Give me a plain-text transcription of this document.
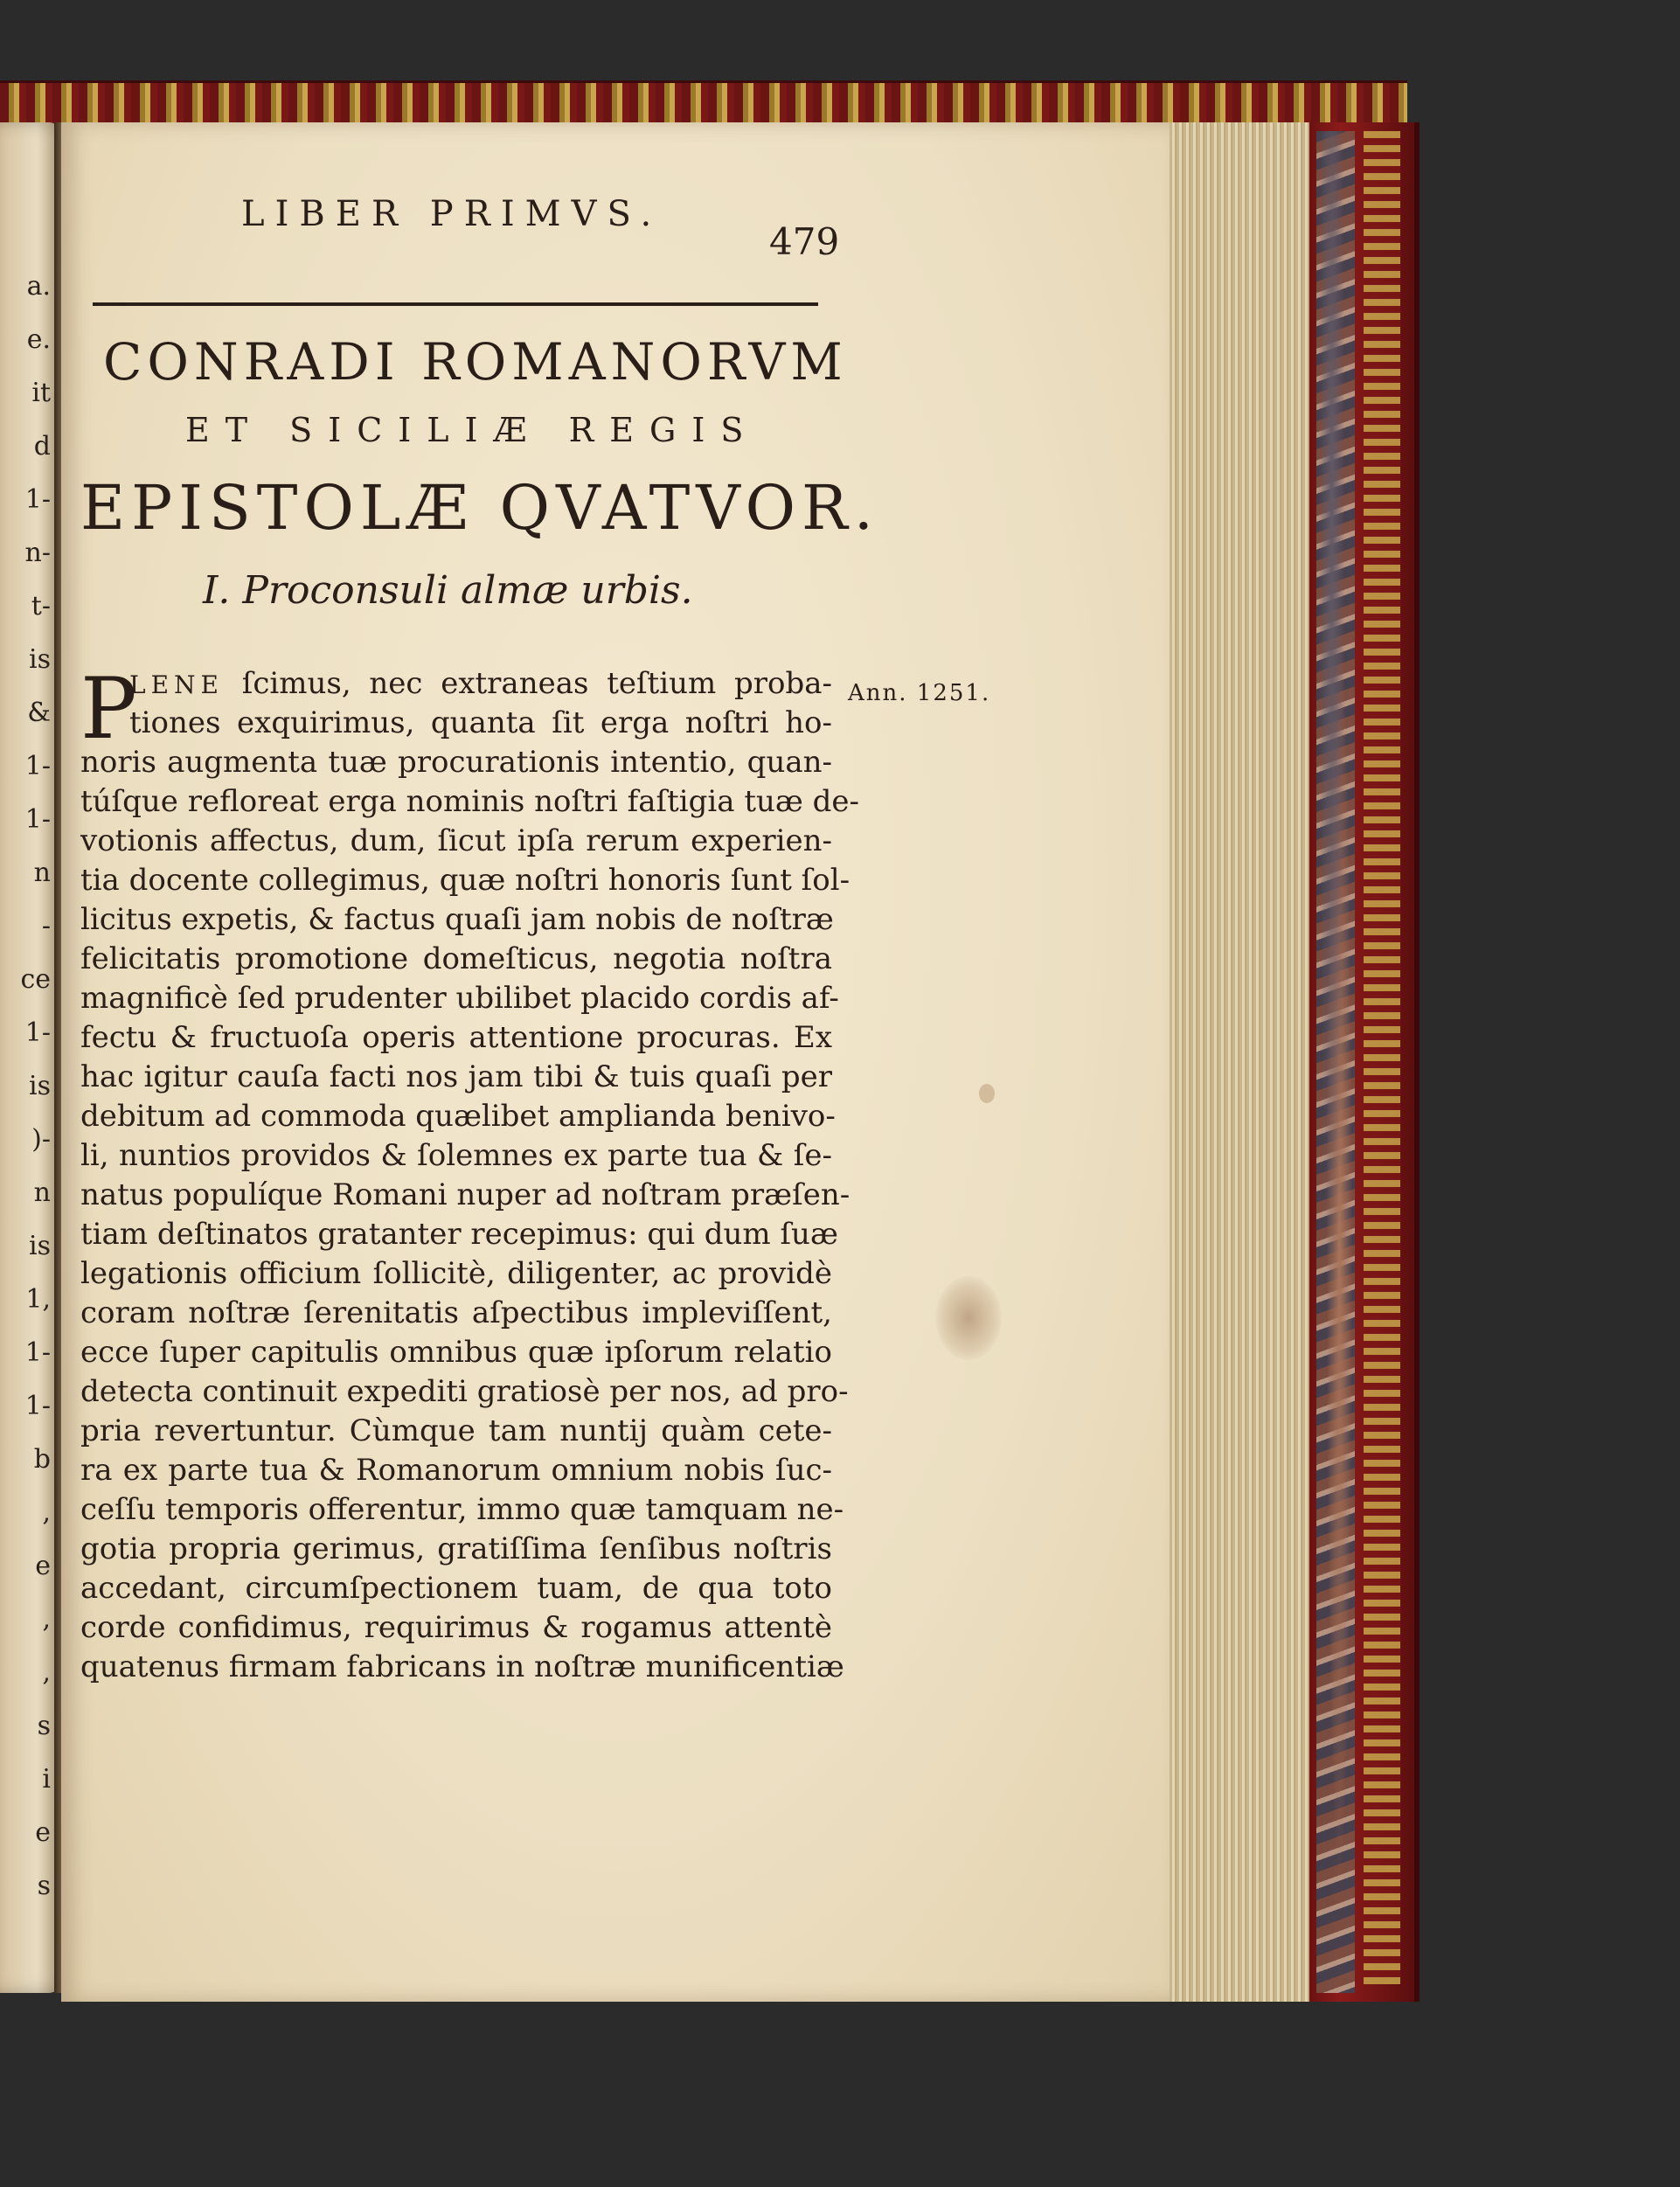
a.
e.
it
d
1-
n-
t-
is
&
1-
1-
n
-
ce
1-
is
)-
n
is
1,
1-
1-
b
,
e
,
,
s
i
e
s
LIBER PRIMVS.
479
CONRADI ROMANORVM
ET SICILIÆ REGIS
EPISTOLÆ QVATVOR.
I. Proconsuli almæ urbis.
P	Ann. 1251.
LENE ſcimus, nec extraneas teſtium proba-
tiones exquirimus, quanta ſit erga noſtri ho-
noris augmenta tuæ procurationis intentio, quan-
túſque refloreat erga nominis noſtri faſtigia tuæ de-
votionis affectus, dum, ſicut ipſa rerum experien-
tia docente collegimus, quæ noſtri honoris ſunt ſol-
licitus expetis, & factus quaſi jam nobis de noſtræ
felicitatis promotione domeſticus, negotia noſtra
magnificè ſed prudenter ubilibet placido cordis af-
fectu & fructuoſa operis attentione procuras. Ex
hac igitur cauſa facti nos jam tibi & tuis quaſi per
debitum ad commoda quælibet amplianda benivo-
li, nuntios providos & ſolemnes ex parte tua & ſe-
natus populíque Romani nuper ad noſtram præſen-
tiam deſtinatos gratanter recepimus: qui dum ſuæ
legationis officium ſollicitè, diligenter, ac providè
coram noſtræ ſerenitatis aſpectibus impleviſſent,
ecce ſuper capitulis omnibus quæ ipſorum relatio
detecta continuit expediti gratiosè per nos, ad pro-
pria revertuntur. Cùmque tam nuntij quàm cete-
ra ex parte tua & Romanorum omnium nobis ſuc-
ceſſu temporis offerentur, immo quæ tamquam ne-
gotia propria gerimus, gratiſſima ſenſibus noſtris
accedant, circumſpectionem tuam, de qua toto
corde confidimus, requirimus & rogamus attentè
quatenus firmam fabricans in noſtræ munificentiæ
